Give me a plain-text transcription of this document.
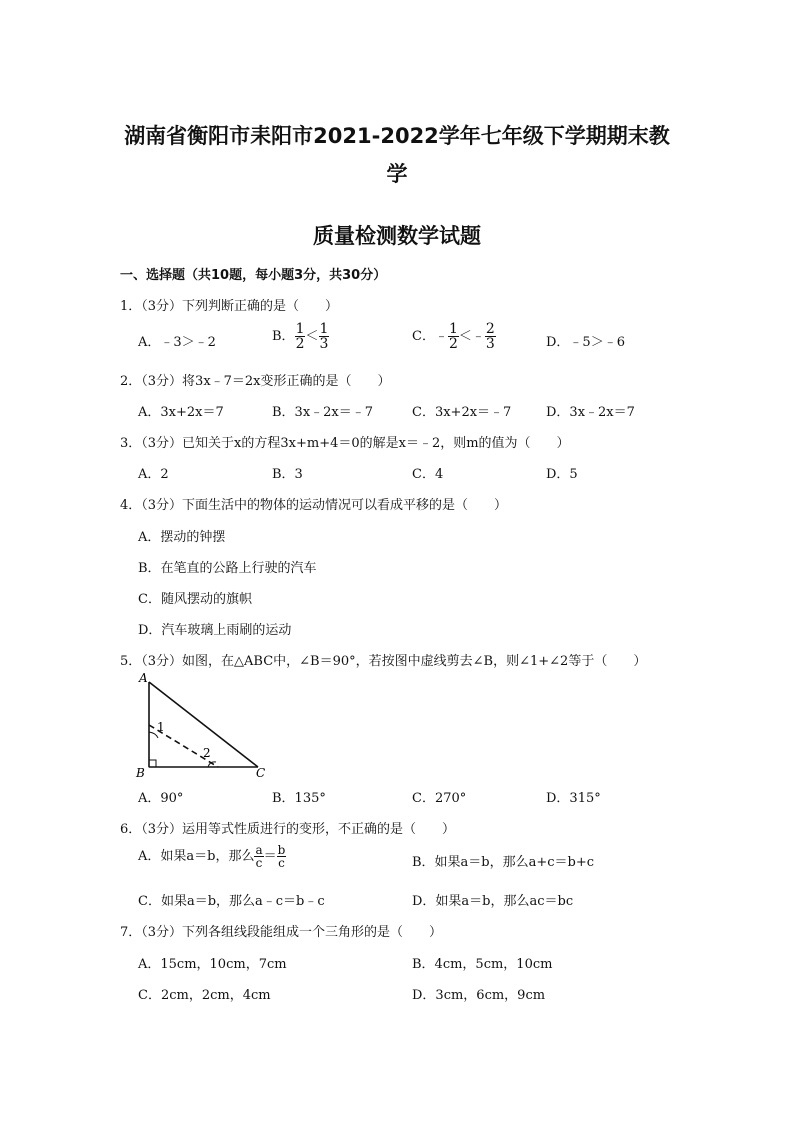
湖南省衡阳市耒阳市2021-2022学年七年级下学期期末教
学
质量检测数学试题
一、选择题（共10题，每小题3分，共30分）
1．（3分）下列判断正确的是（　　）
A．﹣3＞﹣2	B． $\frac{1}{2} < \frac{1}{3}$	C．﹣ $\frac{1}{2}$ ＜﹣ $\frac{2}{3}$	D．﹣5＞﹣6
2．（3分）将3x﹣7＝2x变形正确的是（　　）
A．3x+2x＝7	B．3x﹣2x＝﹣7	C．3x+2x＝﹣7	D．3x﹣2x＝7
3．（3分）已知关于x的方程3x+m+4＝0的解是x＝﹣2，则m的值为（　　）
A．2	B．3	C．4	D．5
4．（3分）下面生活中的物体的运动情况可以看成平移的是（　　）
A．摆动的钟摆
B．在笔直的公路上行驶的汽车
C．随风摆动的旗帜
D．汽车玻璃上雨刷的运动
5．（3分）如图，在△ABC中，∠B＝90°，若按图中虚线剪去∠B，则∠1+∠2等于（　　）
A
B	C
1
2
A．90°	B．135°	C．270°	D．315°
6．（3分）运用等式性质进行的变形，不正确的是（　　）
A．如果a＝b，那么 $\frac{a}{c} = \frac{b}{c}$	B．如果a＝b，那么a+c＝b+c
C．如果a＝b，那么a﹣c＝b﹣c	D．如果a＝b，那么ac＝bc
7．（3分）下列各组线段能组成一个三角形的是（　　）
A．15cm，10cm，7cm	B．4cm，5cm，10cm
C．2cm，2cm，4cm	D．3cm，6cm，9cm
